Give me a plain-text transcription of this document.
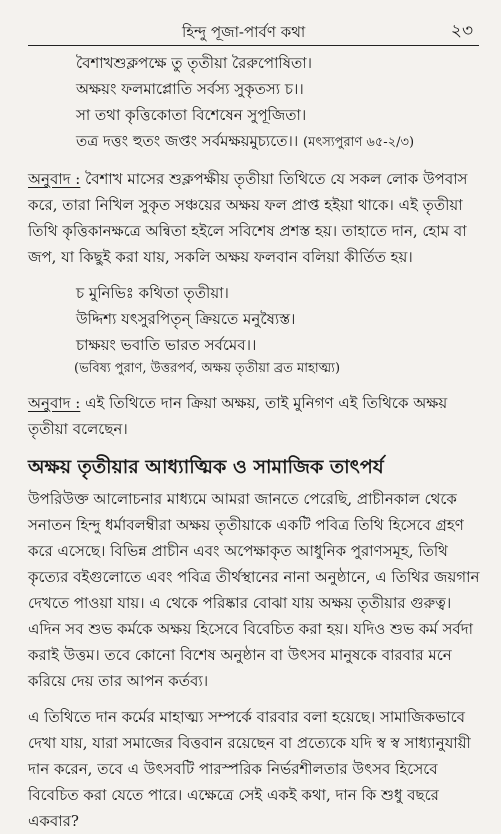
হিন্দু পূজা-পার্বণ কথা	২৩

বৈশাখশুক্লপক্ষে তু তৃতীয়া রৈরুপোষিতা।

অক্ষয়ং ফলমাপ্লোতি সর্বস্য সুকৃতস্য চ।।

সা তথা কৃত্তিকোতা বিশেষেন সুপূজিতা।

তত্র দত্তং হুতং জপ্তং সর্বমক্ষয়মুচ্যতে।। (মৎস্যপুরাণ ৬৫-২/৩)

অনুবাদ : বৈশাখ মাসের শুক্লপক্ষীয় তৃতীয়া তিথিতে যে সকল লোক উপবাস করে, তারা নিখিল সুকৃত সঞ্চয়ের অক্ষয় ফল প্রাপ্ত হইয়া থাকে। এই তৃতীয়া তিথি কৃত্তিকানক্ষত্রে অন্বিতা হইলে সবিশেষ প্রশস্ত হয়। তাহাতে দান, হোম বা জপ, যা কিছুই করা যায়, সকলি অক্ষয় ফলবান বলিয়া কীর্তিত হয়।

চ মুনিভিঃ কথিতা তৃতীয়া।

উদ্দিশ্য যৎসুরপিতৃন্ ক্রিয়তে মনুষ্যৈস্ত।

চাক্ষয়ং ভবাতি ভারত সর্বমেব।।

(ভবিষ্য পুরাণ, উত্তরপর্ব, অক্ষয় তৃতীয়া ব্রত মাহাত্ম্য)

অনুবাদ : এই তিথিতে দান ক্রিয়া অক্ষয়, তাই মুনিগণ এই তিথিকে অক্ষয় তৃতীয়া বলেছেন।

অক্ষয় তৃতীয়ার আধ্যাত্মিক ও সামাজিক তাৎপর্য

উপরিউক্ত আলোচনার মাধ্যমে আমরা জানতে পেরেছি, প্রাচীনকাল থেকে সনাতন হিন্দু ধর্মাবলম্বীরা অক্ষয় তৃতীয়াকে একটি পবিত্র তিথি হিসেবে গ্রহণ করে এসেছে। বিভিন্ন প্রাচীন এবং অপেক্ষাকৃত আধুনিক পুরাণসমূহ, তিথি কৃত্যের বইগুলোতে এবং পবিত্র তীর্থস্থানের নানা অনুষ্ঠানে, এ তিথির জয়গান দেখতে পাওয়া যায়। এ থেকে পরিষ্কার বোঝা যায় অক্ষয় তৃতীয়ার গুরুত্ব। এদিন সব শুভ কর্মকে অক্ষয় হিসেবে বিবেচিত করা হয়। যদিও শুভ কর্ম সর্বদা করাই উত্তম। তবে কোনো বিশেষ অনুষ্ঠান বা উৎসব মানুষকে বারবার মনে করিয়ে দেয় তার আপন কর্তব্য।

এ তিথিতে দান কর্মের মাহাত্ম্য সম্পর্কে বারবার বলা হয়েছে। সামাজিকভাবে দেখা যায়, যারা সমাজের বিত্তবান রয়েছেন বা প্রত্যেকে যদি স্ব স্ব সাধ্যানুযায়ী দান করেন, তবে এ উৎসবটি পারস্পরিক নির্ভরশীলতার উৎসব হিসেবে বিবেচিত করা যেতে পারে। এক্ষেত্রে সেই একই কথা, দান কি শুধু বছরে একবার?
